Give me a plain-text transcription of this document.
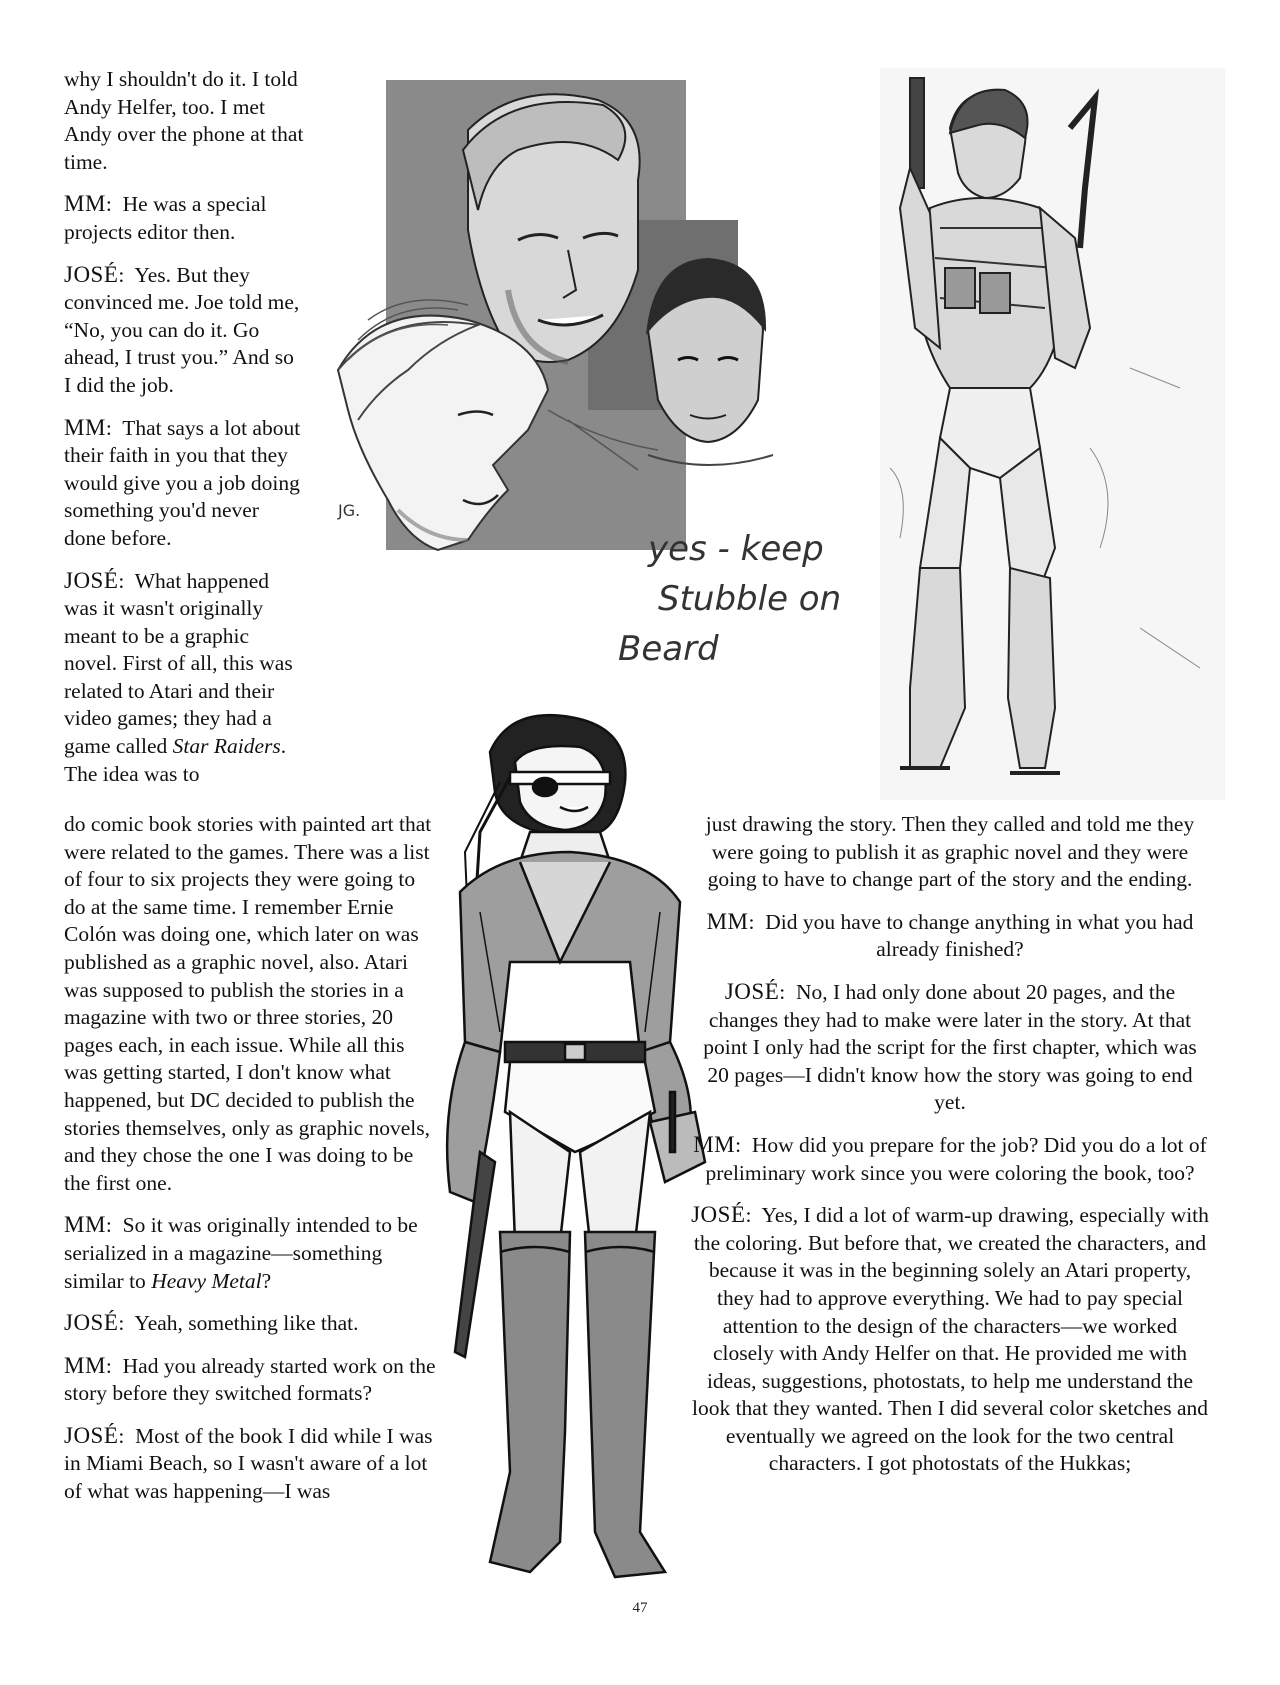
JG.
yes - keep
Stubble on
Beard

why I shouldn't do it. I told Andy Helfer, too. I met Andy over the phone at that time.

MM:  He was a special projects editor then.

JOSÉ:  Yes. But they convinced me. Joe told me, “No, you can do it. Go ahead, I trust you.” And so I did the job.

MM:  That says a lot about their faith in you that they would give you a job doing something you'd never done before.

JOSÉ:  What happened was it wasn't originally meant to be a graphic novel. First of all, this was related to Atari and their video games; they had a game called Star Raiders. The idea was to

do comic book stories with painted art that were related to the games. There was a list of four to six projects they were going to do at the same time. I remember Ernie Colón was doing one, which later on was published as a graphic novel, also. Atari was supposed to publish the stories in a magazine with two or three stories, 20 pages each, in each issue. While all this was getting started, I don't know what happened, but DC decided to publish the stories themselves, only as graphic novels, and they chose the one I was doing to be the first one.

MM:  So it was originally intended to be serialized in a magazine—something similar to Heavy Metal?

JOSÉ:  Yeah, something like that.

MM:  Had you already started work on the story before they switched formats?

JOSÉ:  Most of the book I did while I was in Miami Beach, so I wasn't aware of a lot of what was happening—I was

just drawing the story. Then they called and told me they were going to publish it as graphic novel and they were going to have to change part of the story and the ending.

MM:  Did you have to change anything in what you had already finished?

JOSÉ:  No, I had only done about 20 pages, and the changes they had to make were later in the story. At that point I only had the script for the first chapter, which was 20 pages—I didn't know how the story was going to end yet.

MM:  How did you prepare for the job? Did you do a lot of preliminary work since you were coloring the book, too?

JOSÉ:  Yes, I did a lot of warm-up drawing, especially with the coloring. But before that, we created the characters, and because it was in the beginning solely an Atari property, they had to approve everything. We had to pay special attention to the design of the characters—we worked closely with Andy Helfer on that. He provided me with ideas, suggestions, photostats, to help me understand the look that they wanted. Then I did several color sketches and eventually we agreed on the look for the two central characters. I got photostats of the Hukkas;

47
